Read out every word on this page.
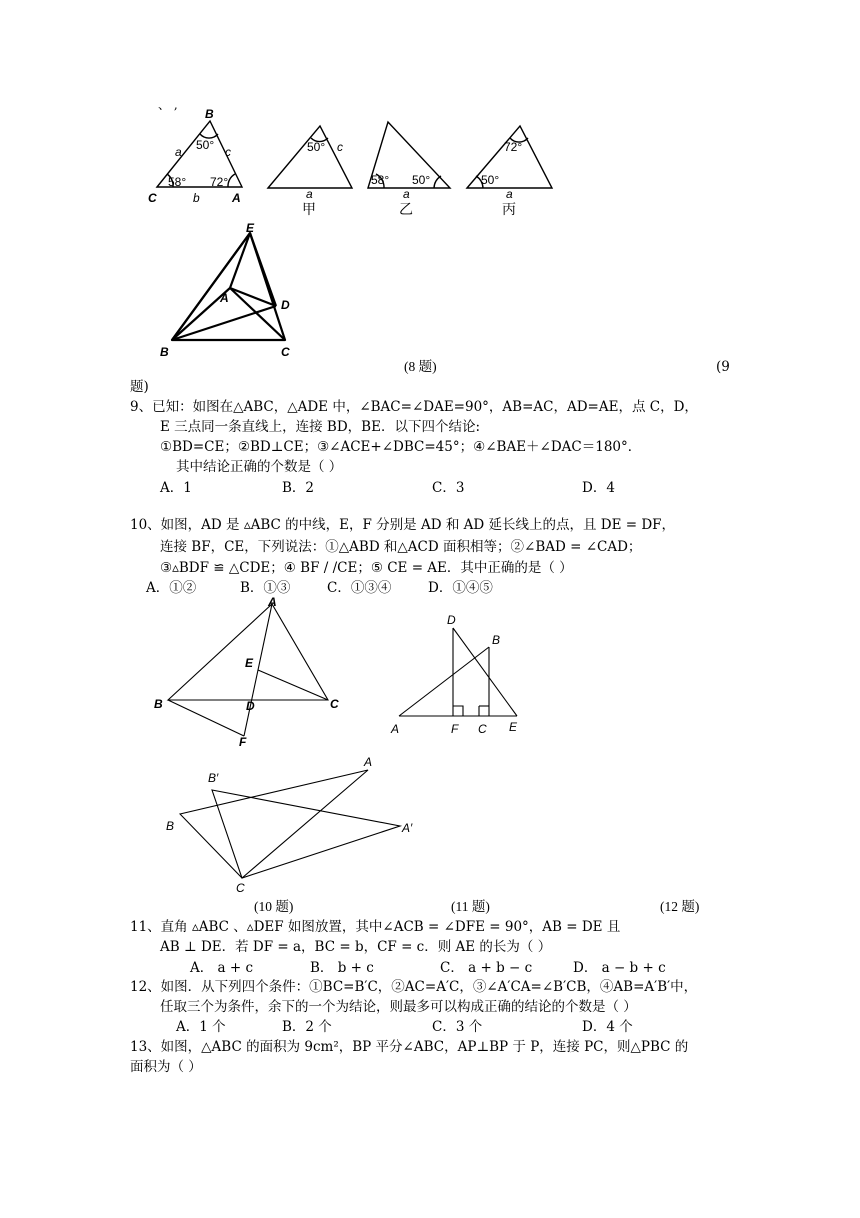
、 ,
B
C	A
a	c
b
50°
58° 72°
50° c
a
甲
58° 50°
a
乙
72°
50°
a
丙
E
A	D
B	C
(8 题)	(9
题)
9、已知：如图在△ABC，△ADE 中，∠BAC=∠DAE=90°，AB=AC，AD=AE，点 C，D，
E 三点同一条直线上，连接 BD，BE．以下四个结论:
①BD=CE；②BD⊥CE；③∠ACE+∠DBC=45°；④∠BAE＋∠DAC＝180°．
其中结论正确的个数是（ ）
A．1	B．2	C．3	D．4
10、如图，AD 是 ▵ABC 的中线，E，F 分别是 AD 和 AD 延长线上的点，且 DE = DF，
连接 BF，CE，下列说法：①△ABD 和△ACD 面积相等；②∠BAD = ∠CAD；
③▵BDF ≌ △CDE；④ BF / /CE；⑤ CE = AE．其中正确的是（ ）
A．①②	B．①③	C．①③④	D．①④⑤
A
B	C
D
E
F
D
B
A	F C E
B′
A
B	A′
C
(10 题)	(11 题)	(12 题)
11、直角 ▵ABC 、▵DEF 如图放置，其中∠ACB = ∠DFE = 90°，AB = DE 且
AB ⊥ DE．若 DF = a，BC = b，CF = c．则 AE 的长为（ ）
A． a + c	B． b + c	C． a + b − c	D． a − b + c
12、如图．从下列四个条件：①BC=B′C，②AC=A′C，③∠A′CA=∠B′CB，④AB=A′B′中，
任取三个为条件，余下的一个为结论，则最多可以构成正确的结论的个数是（ ）
A．1 个	B．2 个	C．3 个	D．4 个
13、如图，△ABC 的面积为 9cm²，BP 平分∠ABC，AP⊥BP 于 P，连接 PC，则△PBC 的
面积为（ ）
